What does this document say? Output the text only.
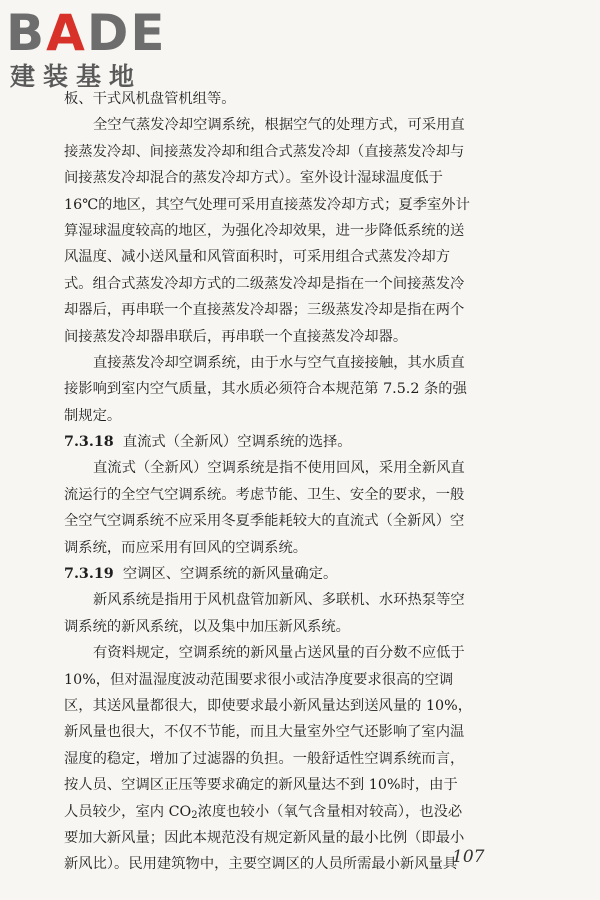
BADE
建装基地
板、干式风机盘管机组等。
全空气蒸发冷却空调系统，根据空气的处理方式，可采用直
接蒸发冷却、间接蒸发冷却和组合式蒸发冷却（直接蒸发冷却与
间接蒸发冷却混合的蒸发冷却方式）。室外设计湿球温度低于
16℃的地区，其空气处理可采用直接蒸发冷却方式；夏季室外计
算湿球温度较高的地区，为强化冷却效果，进一步降低系统的送
风温度、减小送风量和风管面积时，可采用组合式蒸发冷却方
式。组合式蒸发冷却方式的二级蒸发冷却是指在一个间接蒸发冷
却器后，再串联一个直接蒸发冷却器；三级蒸发冷却是指在两个
间接蒸发冷却器串联后，再串联一个直接蒸发冷却器。
直接蒸发冷却空调系统，由于水与空气直接接触，其水质直
接影响到室内空气质量，其水质必须符合本规范第 7.5.2 条的强
制规定。
7.3.18 直流式（全新风）空调系统的选择。
直流式（全新风）空调系统是指不使用回风，采用全新风直
流运行的全空气空调系统。考虑节能、卫生、安全的要求，一般
全空气空调系统不应采用冬夏季能耗较大的直流式（全新风）空
调系统，而应采用有回风的空调系统。
7.3.19 空调区、空调系统的新风量确定。
新风系统是指用于风机盘管加新风、多联机、水环热泵等空
调系统的新风系统，以及集中加压新风系统。
有资料规定，空调系统的新风量占送风量的百分数不应低于
10%，但对温湿度波动范围要求很小或洁净度要求很高的空调
区，其送风量都很大，即使要求最小新风量达到送风量的 10%，
新风量也很大，不仅不节能，而且大量室外空气还影响了室内温
湿度的稳定，增加了过滤器的负担。一般舒适性空调系统而言，
按人员、空调区正压等要求确定的新风量达不到 10%时，由于
人员较少，室内 $CO_2$浓度也较小（氧气含量相对较高），也没必
要加大新风量；因此本规范没有规定新风量的最小比例（即最小
新风比）。民用建筑物中，主要空调区的人员所需最小新风量具
107
